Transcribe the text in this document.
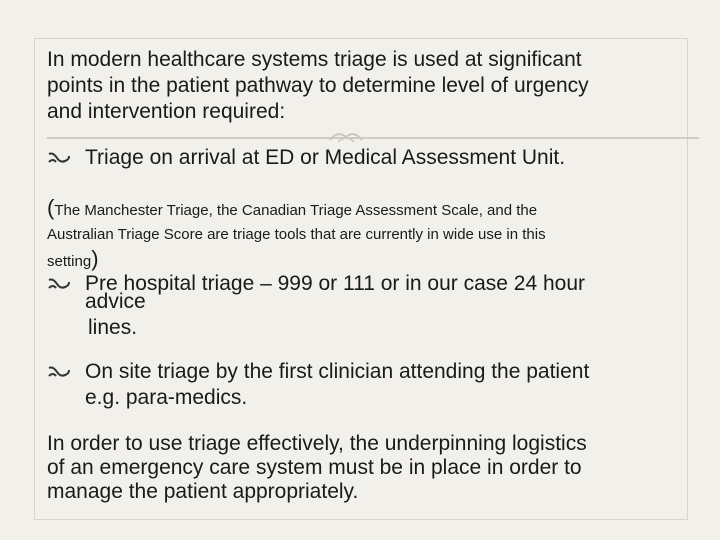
In modern healthcare systems triage is used at significant
points in the patient pathway to determine level of urgency
and intervention required:
Triage on arrival at ED or Medical Assessment Unit.
(The Manchester Triage, the Canadian Triage Assessment Scale, and the
Australian Triage Score are triage tools that are currently in wide use in this
setting)
Pre hospital triage – 999 or 111 or in our case 24 hour
lines.
advice
On site triage by the first clinician attending the patient
e.g. para-medics.
In order to use triage effectively, the underpinning logistics
of an emergency care system must be in place in order to
manage the patient appropriately.
